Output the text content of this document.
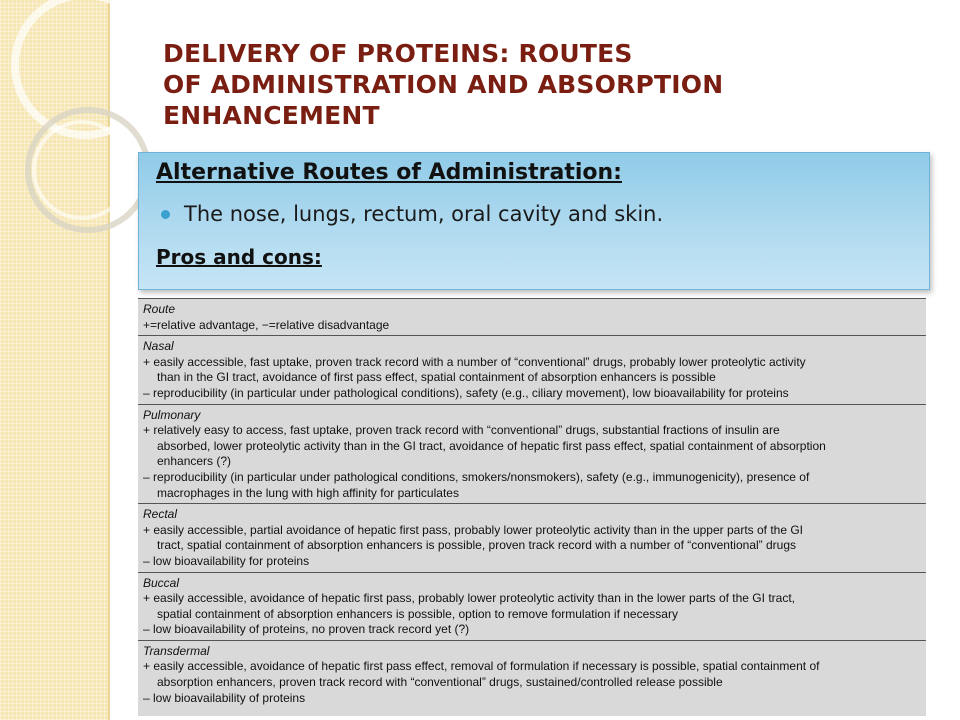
DELIVERY OF PROTEINS: ROUTES
OF ADMINISTRATION AND ABSORPTION
ENHANCEMENT
Alternative Routes of Administration:
The nose, lungs, rectum, oral cavity and skin.
Pros and cons:
Route
+=relative advantage, −=relative disadvantage
Nasal
+ easily accessible, fast uptake, proven track record with a number of “conventional” drugs, probably lower proteolytic activity
than in the GI tract, avoidance of first pass effect, spatial containment of absorption enhancers is possible
– reproducibility (in particular under pathological conditions), safety (e.g., ciliary movement), low bioavailability for proteins
Pulmonary
+ relatively easy to access, fast uptake, proven track record with “conventional” drugs, substantial fractions of insulin are
absorbed, lower proteolytic activity than in the GI tract, avoidance of hepatic first pass effect, spatial containment of absorption
enhancers (?)
– reproducibility (in particular under pathological conditions, smokers/nonsmokers), safety (e.g., immunogenicity), presence of
macrophages in the lung with high affinity for particulates
Rectal
+ easily accessible, partial avoidance of hepatic first pass, probably lower proteolytic activity than in the upper parts of the GI
tract, spatial containment of absorption enhancers is possible, proven track record with a number of “conventional” drugs
– low bioavailability for proteins
Buccal
+ easily accessible, avoidance of hepatic first pass, probably lower proteolytic activity than in the lower parts of the GI tract,
spatial containment of absorption enhancers is possible, option to remove formulation if necessary
– low bioavailability of proteins, no proven track record yet (?)
Transdermal
+ easily accessible, avoidance of hepatic first pass effect, removal of formulation if necessary is possible, spatial containment of
absorption enhancers, proven track record with “conventional” drugs, sustained/controlled release possible
– low bioavailability of proteins
